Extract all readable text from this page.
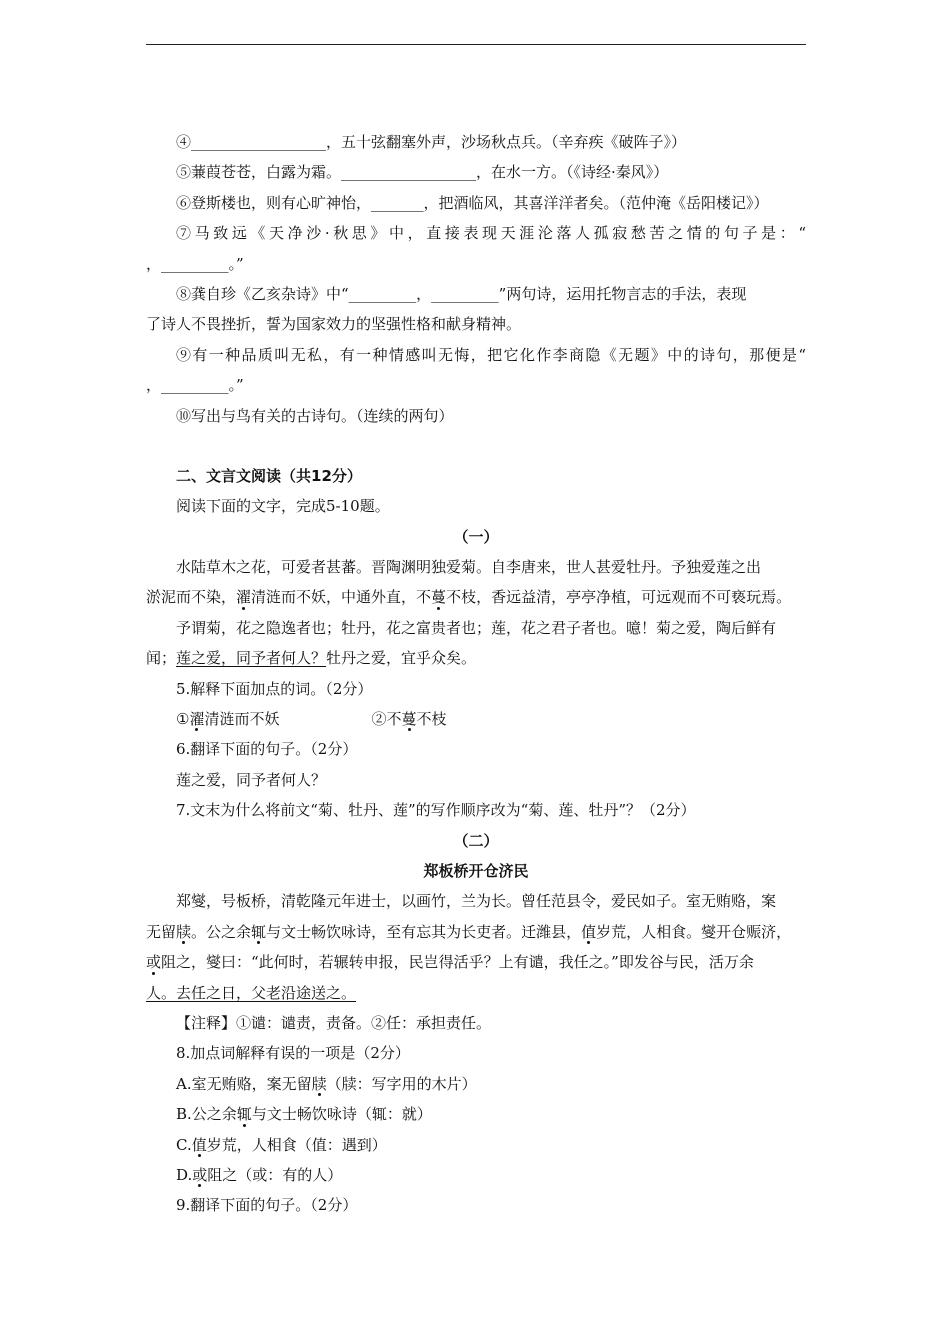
④__________________，五十弦翻塞外声，沙场秋点兵。（辛弃疾《破阵子》）
⑤蒹葭苍苍，白露为霜。__________________，在水一方。（《诗经·秦风》）
⑥登斯楼也，则有心旷神怡，_______，把酒临风，其喜洋洋者矣。（范仲淹《岳阳楼记》）
⑦马致远《天净沙·秋思》中，直接表现天涯沦落人孤寂愁苦之情的句子是：“
，_________。”
⑧龚自珍《乙亥杂诗》中“_________，_________”两句诗，运用托物言志的手法，表现
了诗人不畏挫折，誓为国家效力的坚强性格和献身精神。
⑨有一种品质叫无私，有一种情感叫无悔，把它化作李商隐《无题》中的诗句，那便是“
，_________。”
⑩写出与鸟有关的古诗句。（连续的两句）
二、文言文阅读（共12分）
阅读下面的文字，完成5-10题。
（一）
水陆草木之花，可爱者甚蕃。晋陶渊明独爱菊。自李唐来，世人甚爱牡丹。予独爱莲之出
淤泥而不染，濯清涟而不妖，中通外直，不蔓不枝，香远益清，亭亭净植，可远观而不可亵玩焉。
予谓菊，花之隐逸者也；牡丹，花之富贵者也；莲，花之君子者也。噫！菊之爱，陶后鲜有
闻；莲之爱，同予者何人？牡丹之爱，宜乎众矣。
5.解释下面加点的词。（2分）
①濯清涟而不妖	②不蔓不枝
6.翻译下面的句子。（2分）
莲之爱，同予者何人？
7.文末为什么将前文“菊、牡丹、莲”的写作顺序改为“菊、莲、牡丹”？（2分）
（二）
郑板桥开仓济民
郑燮，号板桥，清乾隆元年进士，以画竹，兰为长。曾任范县令，爱民如子。室无贿赂，案
无留牍。公之余辄与文士畅饮咏诗，至有忘其为长吏者。迁潍县，值岁荒，人相食。燮开仓赈济，
或阻之，燮曰：“此何时，若辗转申报，民岂得活乎？上有谴，我任之。”即发谷与民，活万余
人。去任之日，父老沿途送之。
【注释】①谴：谴责，责备。②任：承担责任。
8.加点词解释有误的一项是（2分）
A.室无贿赂，案无留牍（牍：写字用的木片）
B.公之余辄与文士畅饮咏诗（辄：就）
C.值岁荒，人相食（值：遇到）
D.或阻之（或：有的人）
9.翻译下面的句子。（2分）
